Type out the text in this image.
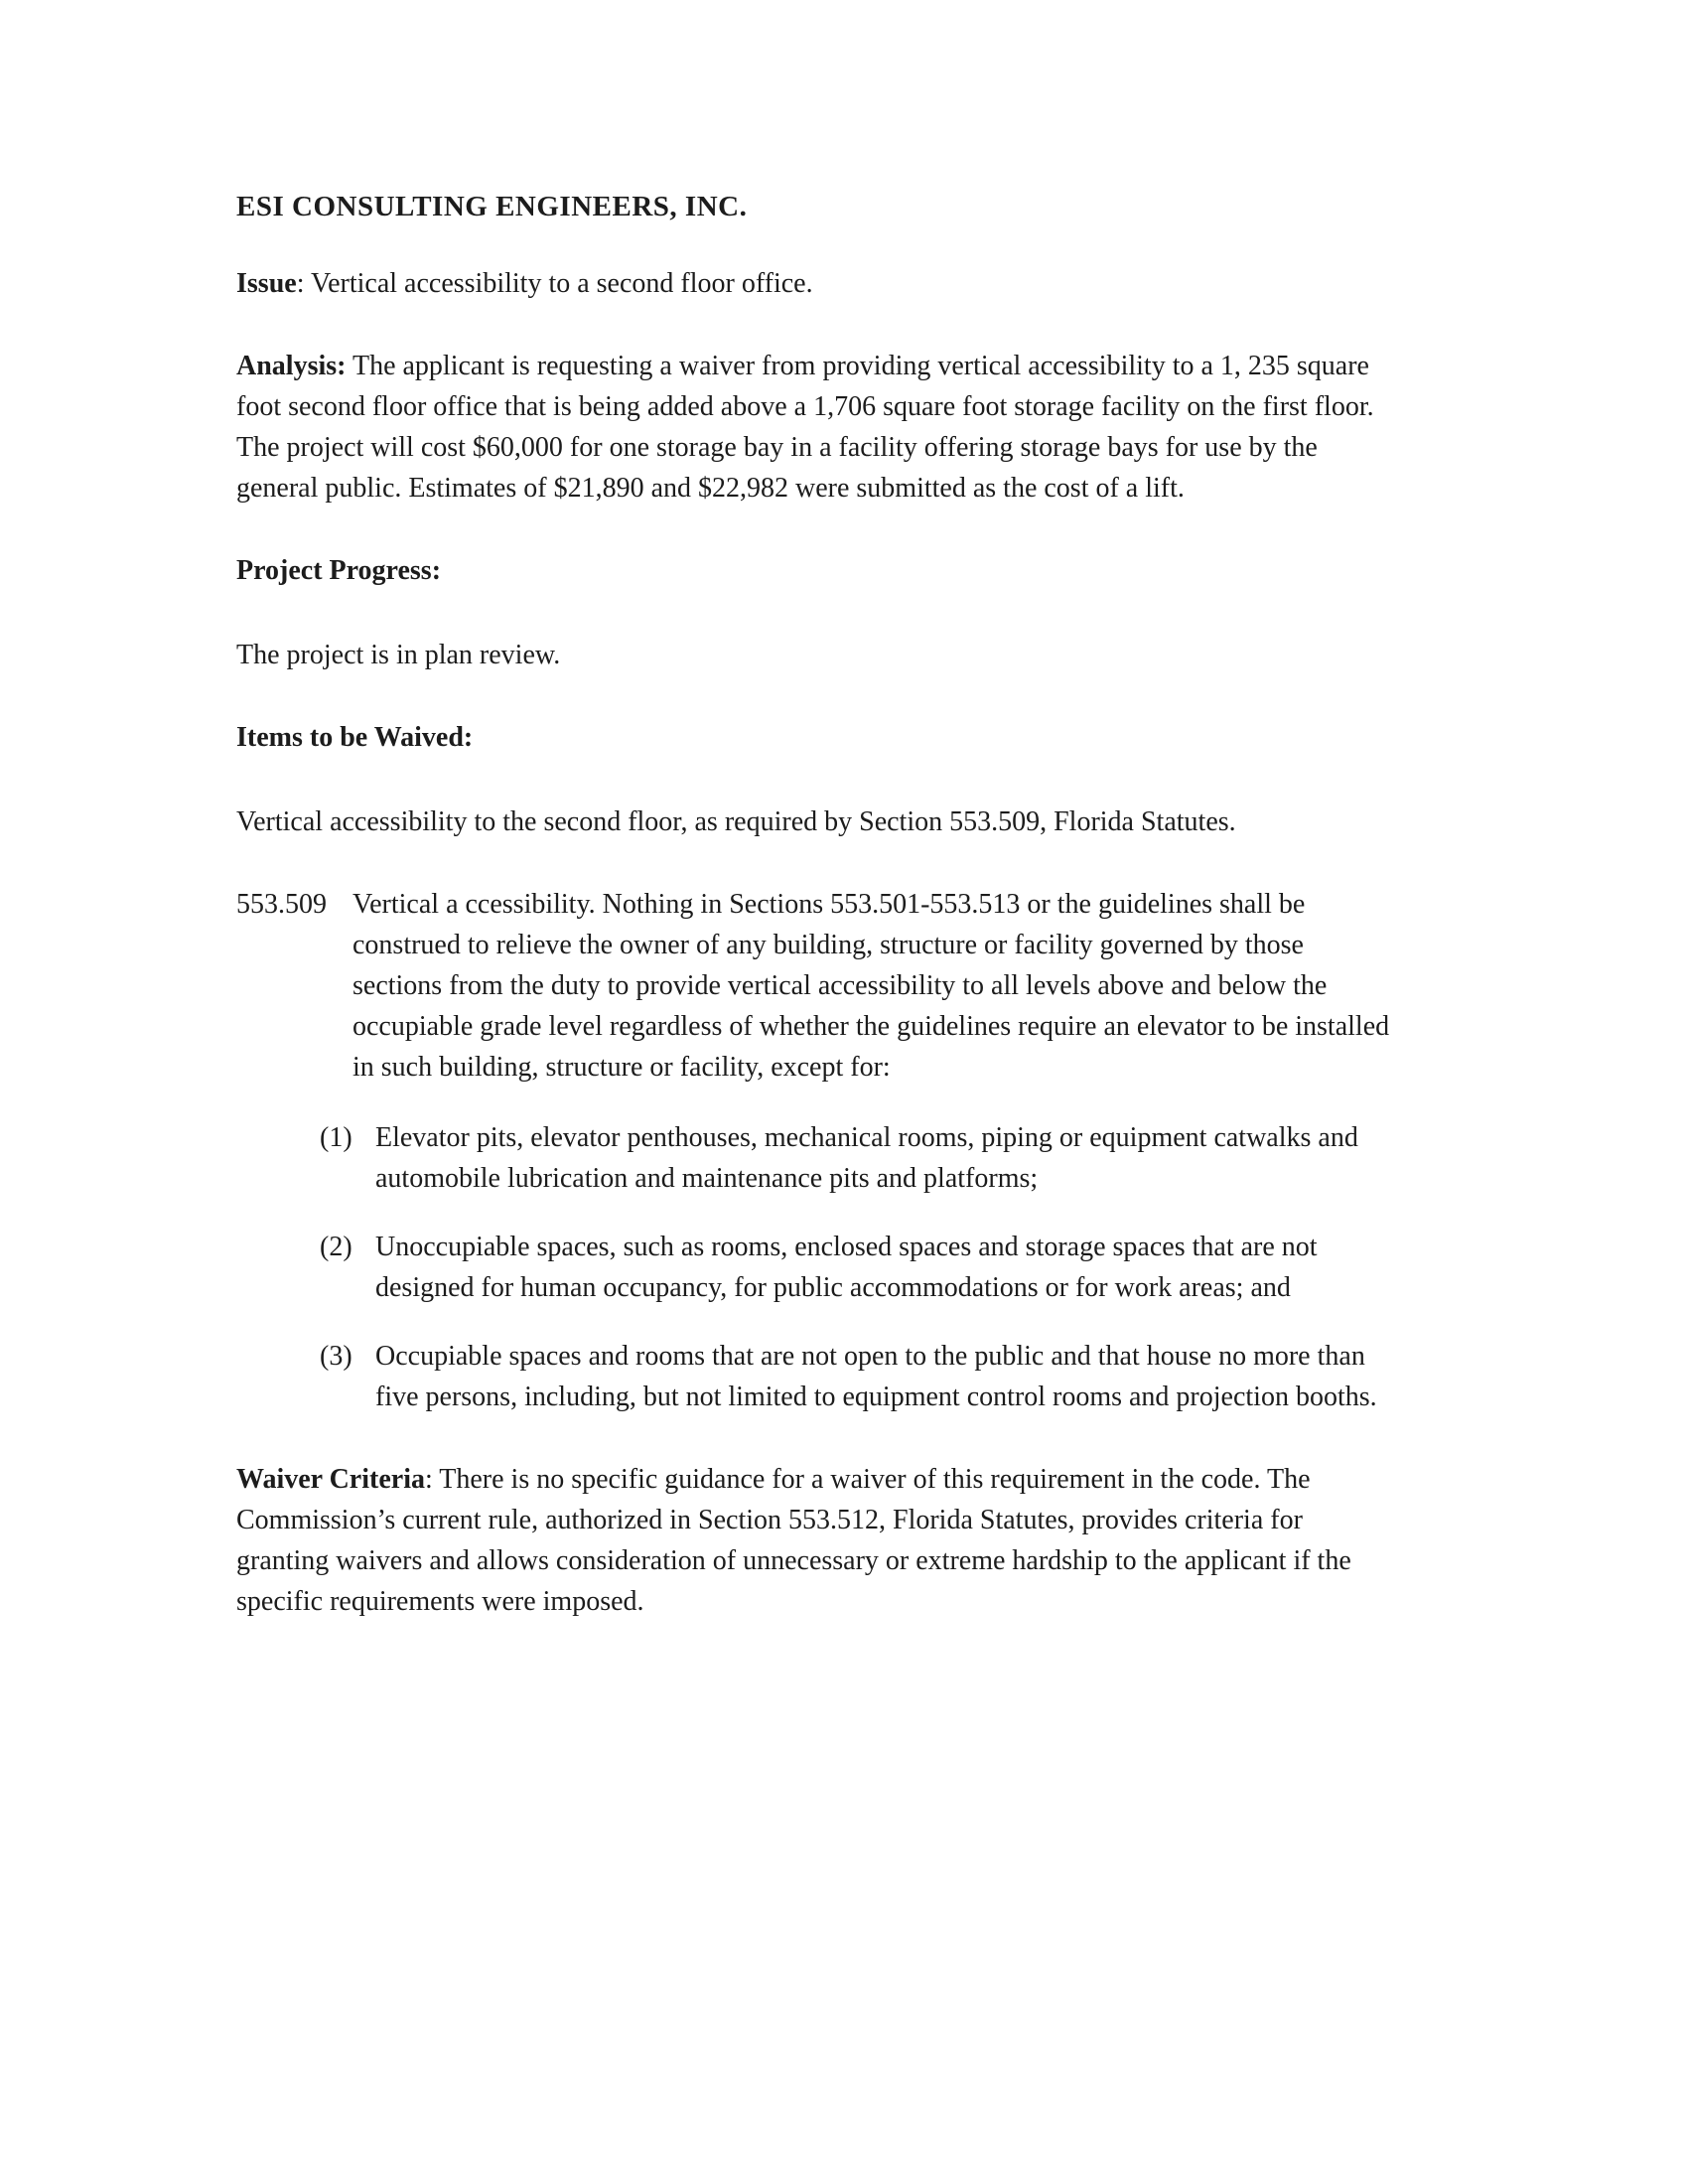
ESI CONSULTING ENGINEERS, INC.

Issue: Vertical accessibility to a second floor office.

Analysis: The applicant is requesting a waiver from providing vertical accessibility to a 1, 235 square foot second floor office that is being added above a 1,706 square foot storage facility on the first floor. The project will cost $60,000 for one storage bay in a facility offering storage bays for use by the general public. Estimates of $21,890 and $22,982 were submitted as the cost of a lift.

Project Progress:

The project is in plan review.

Items to be Waived:

Vertical accessibility to the second floor, as required by Section 553.509, Florida Statutes.

553.509 Vertical a ccessibility. Nothing in Sections 553.501-553.513 or the guidelines shall be construed to relieve the owner of any building, structure or facility governed by those sections from the duty to provide vertical accessibility to all levels above and below the occupiable grade level regardless of whether the guidelines require an elevator to be installed in such building, structure or facility, except for:

(1) Elevator pits, elevator penthouses, mechanical rooms, piping or equipment catwalks and automobile lubrication and maintenance pits and platforms;

(2) Unoccupiable spaces, such as rooms, enclosed spaces and storage spaces that are not designed for human occupancy, for public accommodations or for work areas; and

(3) Occupiable spaces and rooms that are not open to the public and that house no more than five persons, including, but not limited to equipment control rooms and projection booths.

Waiver Criteria: There is no specific guidance for a waiver of this requirement in the code. The Commission’s current rule, authorized in Section 553.512, Florida Statutes, provides criteria for granting waivers and allows consideration of unnecessary or extreme hardship to the applicant if the specific requirements were imposed.
